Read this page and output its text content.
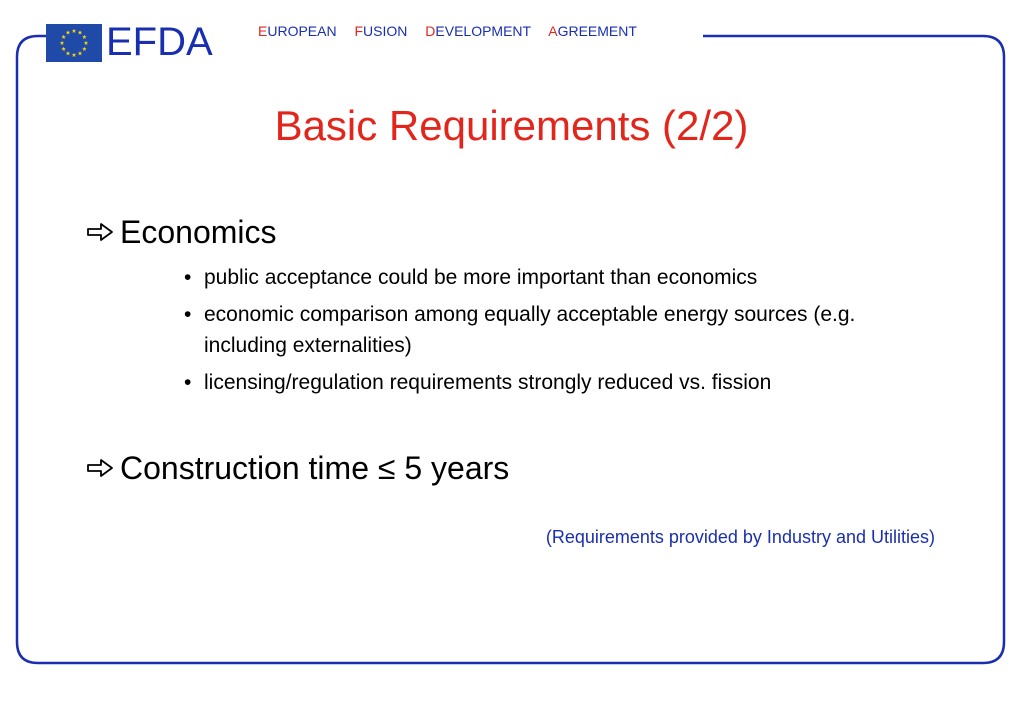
EFDA	EUROPEAN FUSION DEVELOPMENT AGREEMENT
Basic Requirements (2/2)
Economics
• public acceptance could be more important than economics
• economic comparison among equally acceptable energy sources (e.g. including externalities)
• licensing/regulation requirements strongly reduced vs. fission
Construction time ≤ 5 years
(Requirements provided by Industry and Utilities)
